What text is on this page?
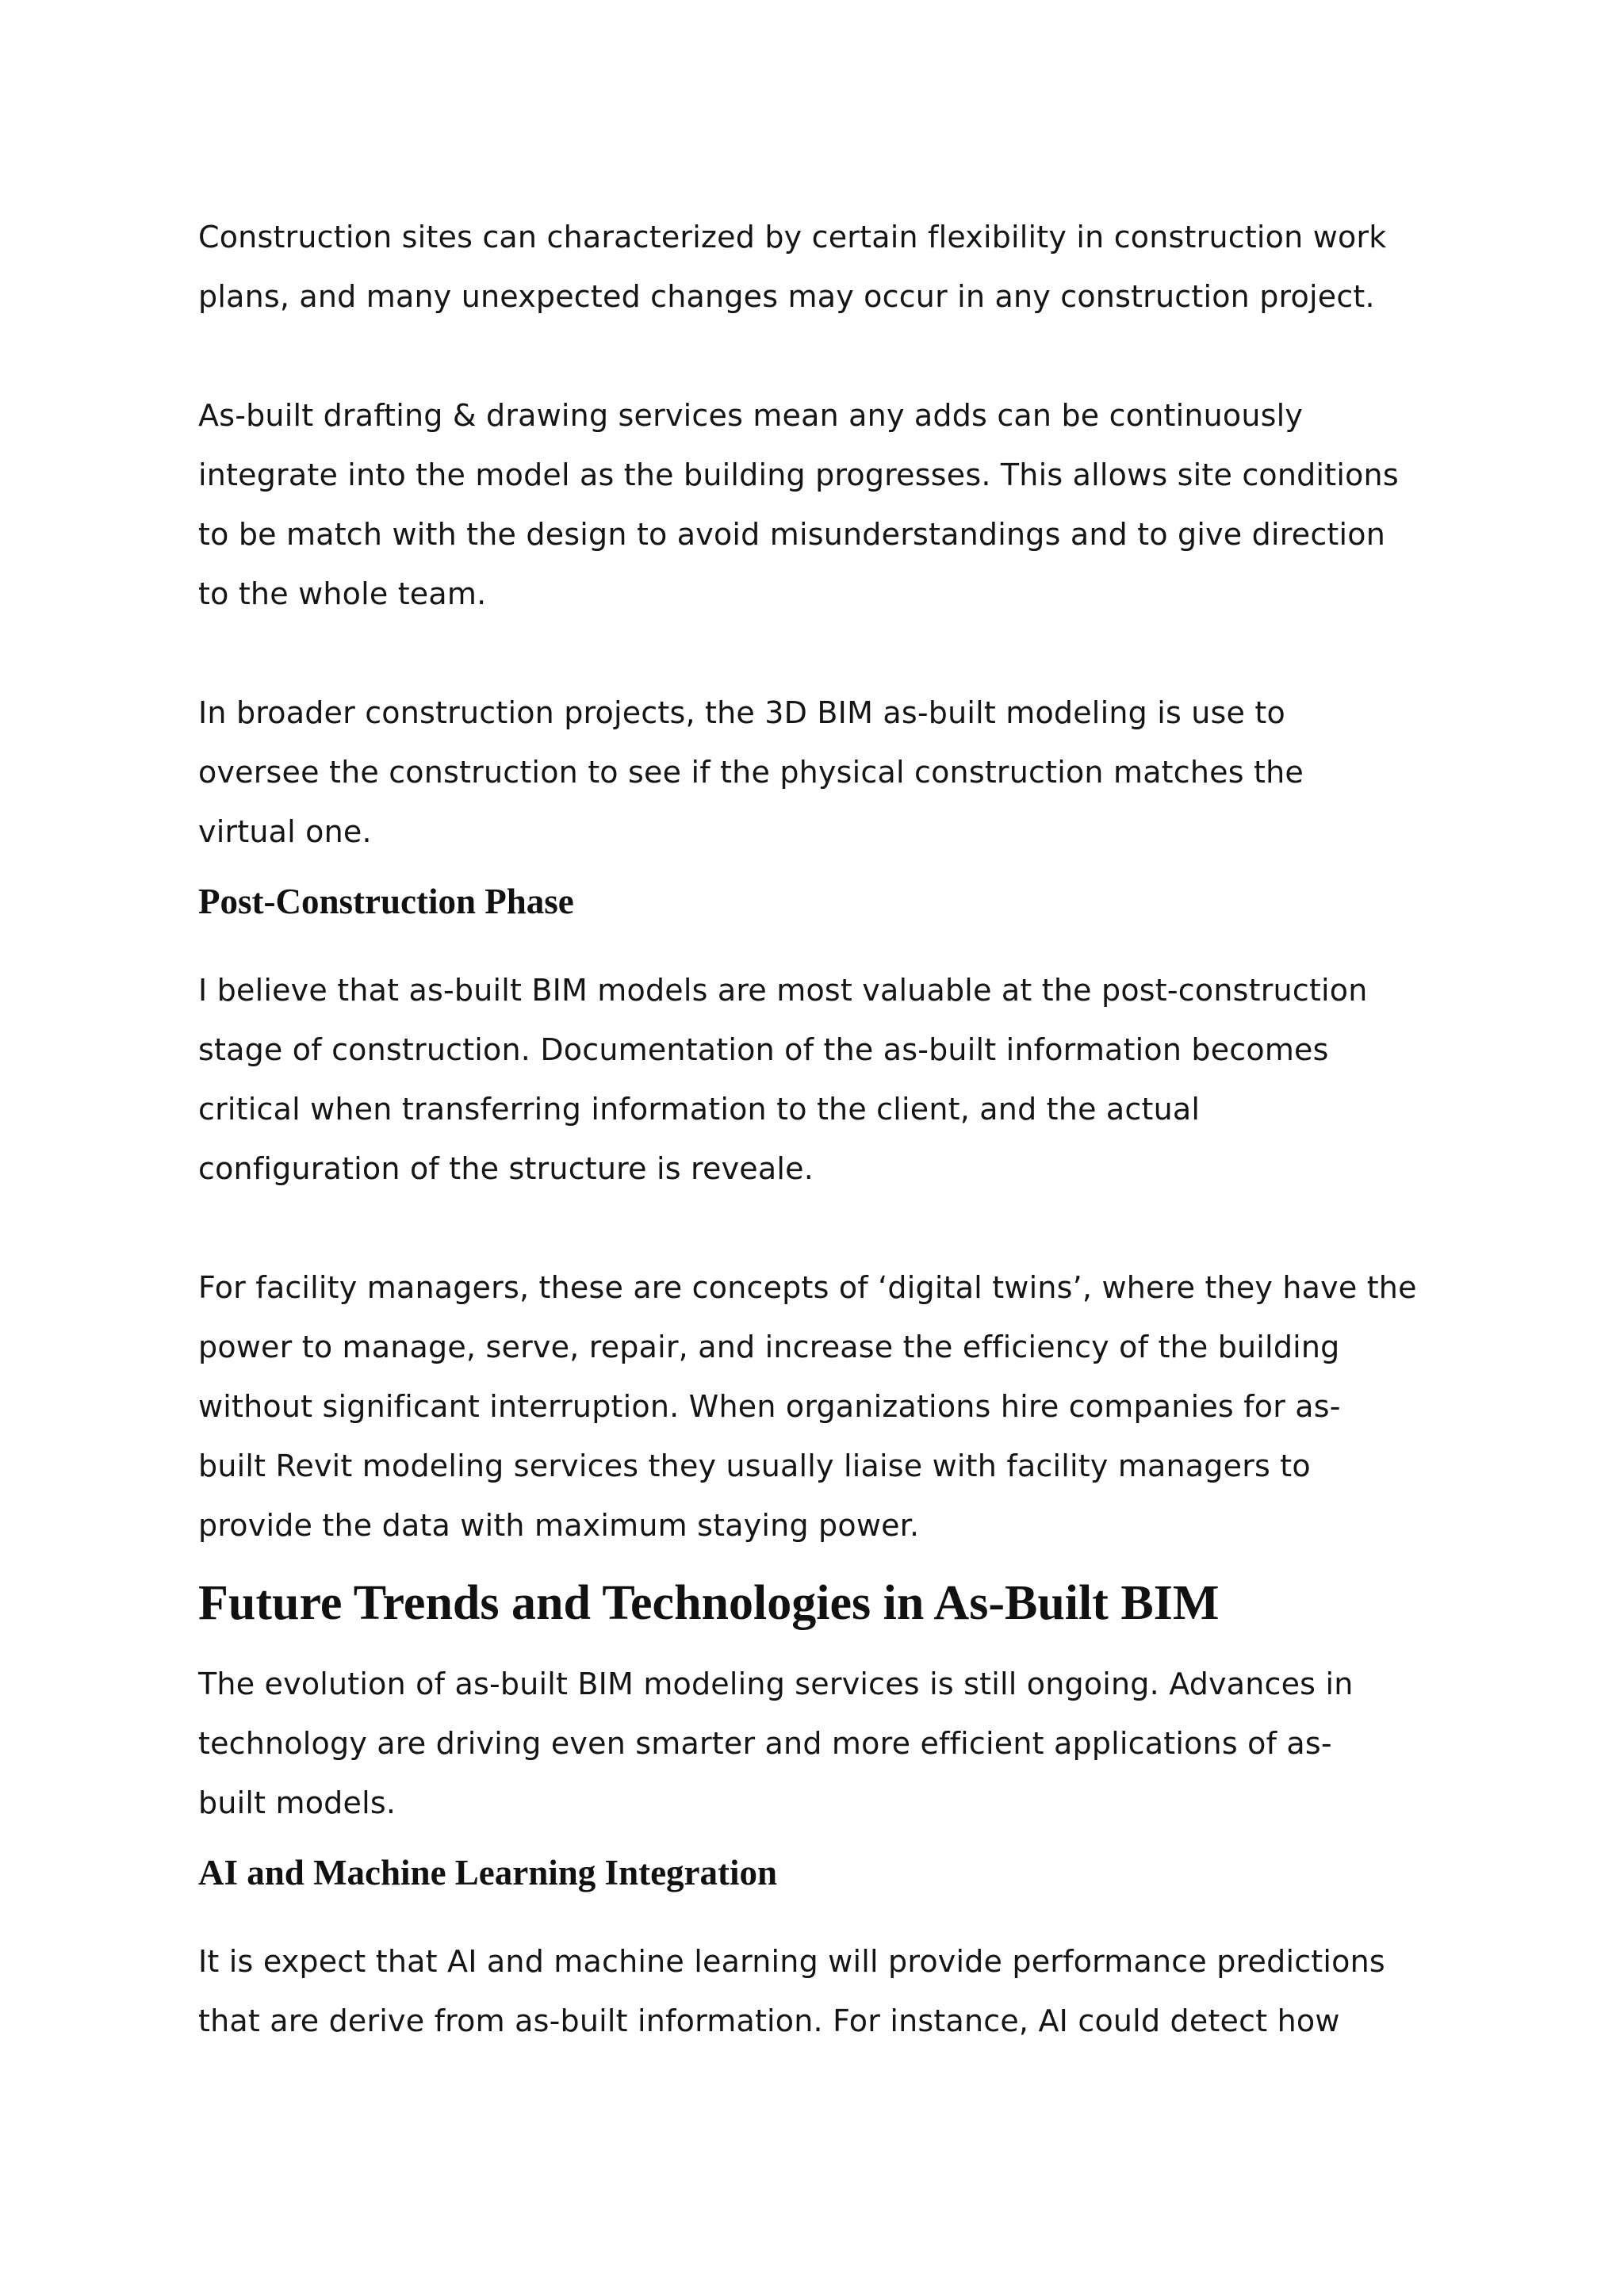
Construction sites can characterized by certain flexibility in construction work
plans, and many unexpected changes may occur in any construction project.

As-built drafting & drawing services mean any adds can be continuously
integrate into the model as the building progresses. This allows site conditions
to be match with the design to avoid misunderstandings and to give direction
to the whole team.

In broader construction projects, the 3D BIM as-built modeling is use to
oversee the construction to see if the physical construction matches the
virtual one.

Post-Construction Phase

I believe that as-built BIM models are most valuable at the post-construction
stage of construction. Documentation of the as-built information becomes
critical when transferring information to the client, and the actual
configuration of the structure is reveale.

For facility managers, these are concepts of ‘digital twins’, where they have the
power to manage, serve, repair, and increase the efficiency of the building
without significant interruption. When organizations hire companies for as-
built Revit modeling services they usually liaise with facility managers to
provide the data with maximum staying power.

Future Trends and Technologies in As-Built BIM

The evolution of as-built BIM modeling services is still ongoing. Advances in
technology are driving even smarter and more efficient applications of as-
built models.

AI and Machine Learning Integration

It is expect that AI and machine learning will provide performance predictions
that are derive from as-built information. For instance, AI could detect how
